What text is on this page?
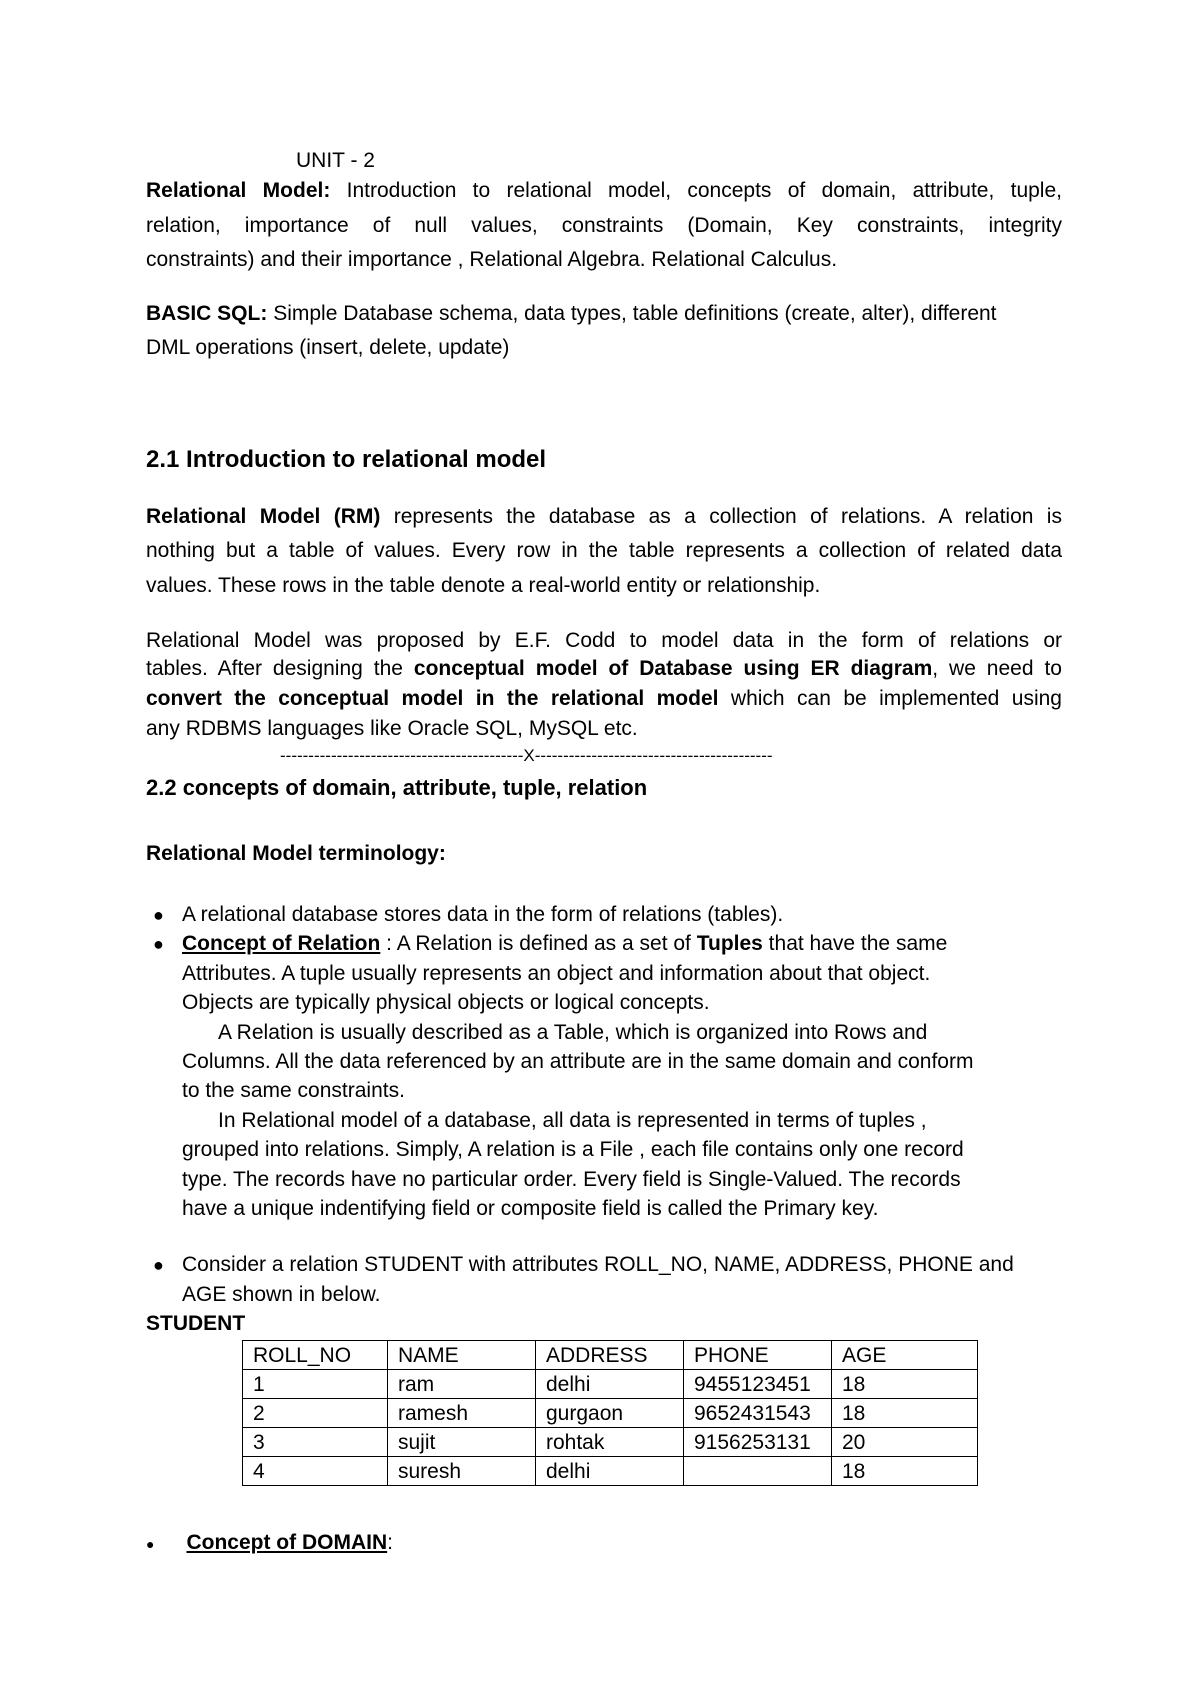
UNIT - 2
Relational Model: Introduction to relational model, concepts of domain, attribute, tuple,
relation, importance of null values, constraints (Domain, Key constraints, integrity
constraints) and their importance , Relational Algebra. Relational Calculus.
BASIC SQL: Simple Database schema, data types, table definitions (create, alter), different
DML operations (insert, delete, update)
2.1 Introduction to relational model
Relational Model (RM) represents the database as a collection of relations. A relation is
nothing but a table of values. Every row in the table represents a collection of related data
values. These rows in the table denote a real-world entity or relationship.
Relational Model was proposed by E.F. Codd to model data in the form of relations or
tables. After designing the conceptual model of Database using ER diagram, we need to
convert the conceptual model in the relational model which can be implemented using
any RDBMS languages like Oracle SQL, MySQL etc.
-------------------------------------------X------------------------------------------
2.2 concepts of domain, attribute, tuple, relation
Relational Model terminology:
● A relational database stores data in the form of relations (tables).
● Concept of Relation : A Relation is defined as a set of Tuples that have the same
Attributes. A tuple usually represents an object and information about that object.
Objects are typically physical objects or logical concepts.
A Relation is usually described as a Table, which is organized into Rows and
Columns. All the data referenced by an attribute are in the same domain and conform
to the same constraints.
In Relational model of a database, all data is represented in terms of tuples ,
grouped into relations. Simply, A relation is a File , each file contains only one record
type. The records have no particular order. Every field is Single-Valued. The records
have a unique indentifying field or composite field is called the Primary key.
● Consider a relation STUDENT with attributes ROLL_NO, NAME, ADDRESS, PHONE and
AGE shown in below.
STUDENT
ROLL_NO	NAME	ADDRESS	PHONE	AGE
1	ram	delhi	9455123451	18
2	ramesh	gurgaon	9652431543	18
3	sujit	rohtak	9156253131	20
4	suresh	delhi		18
● Concept of DOMAIN:
